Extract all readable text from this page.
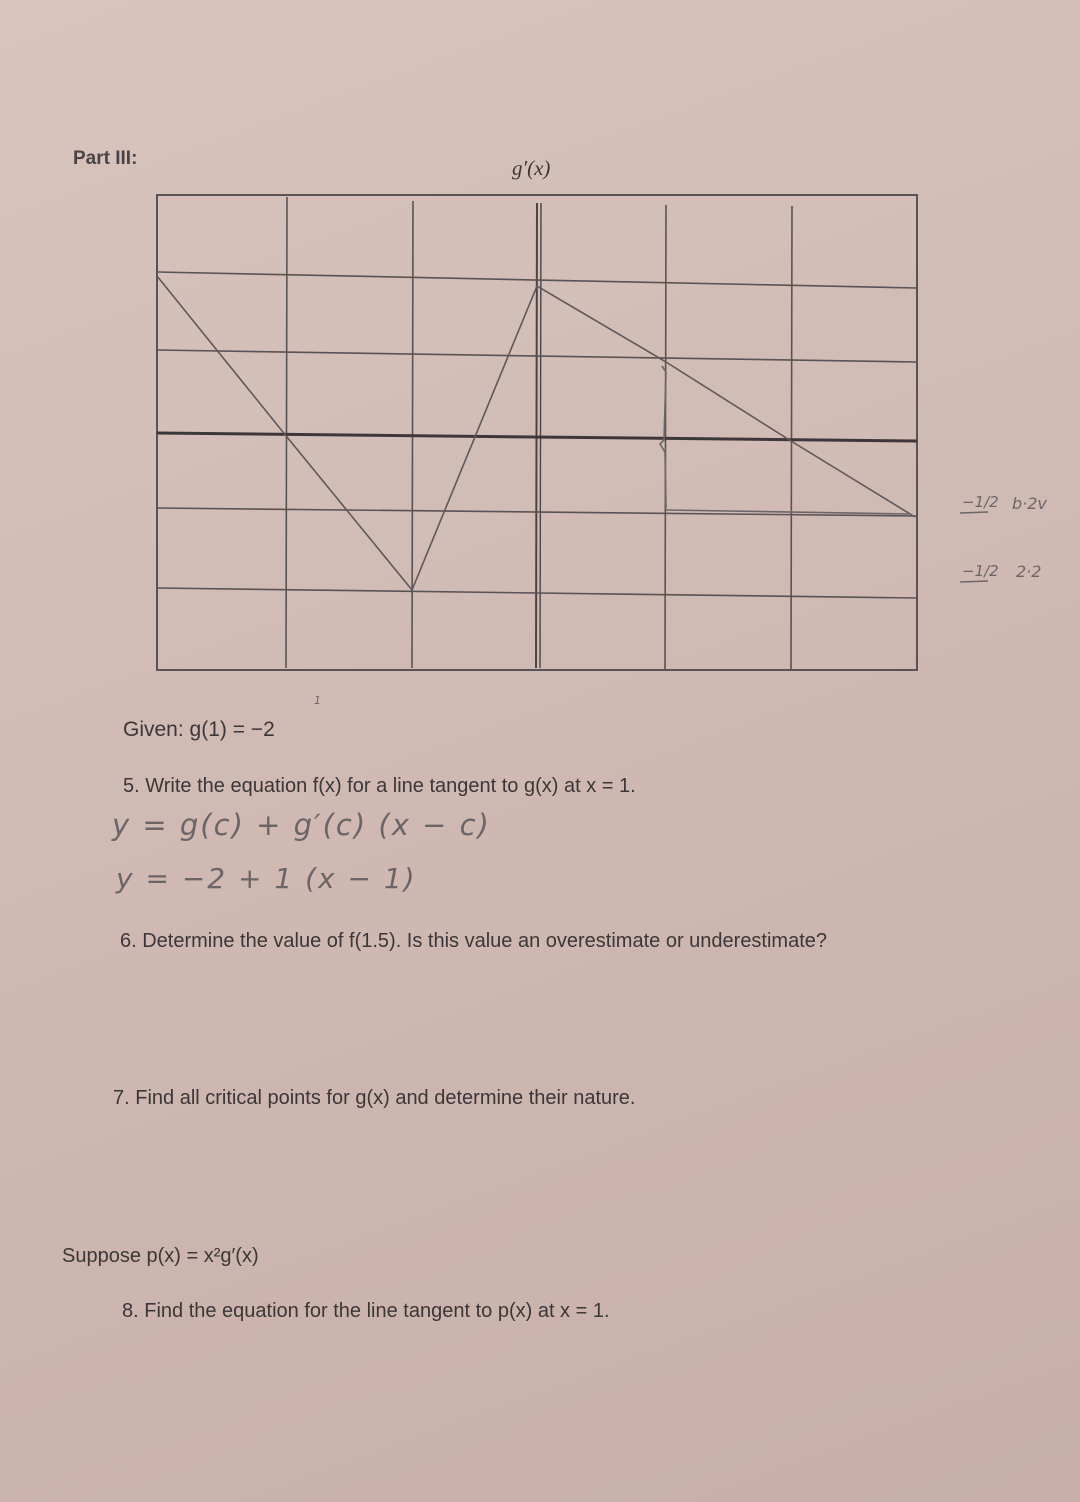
Part III:	g′(x)
−1/2 b·2v
−1/2 2·2
1
Given: g(1) = −2
5. Write the equation f(x) for a line tangent to g(x) at x = 1.
y = g(c) + g′(c) (x − c)
y = −2 + 1 (x − 1)
6. Determine the value of f(1.5). Is this value an overestimate or underestimate?
7. Find all critical points for g(x) and determine their nature.
Suppose p(x) = x²g′(x)
8. Find the equation for the line tangent to p(x) at x = 1.
